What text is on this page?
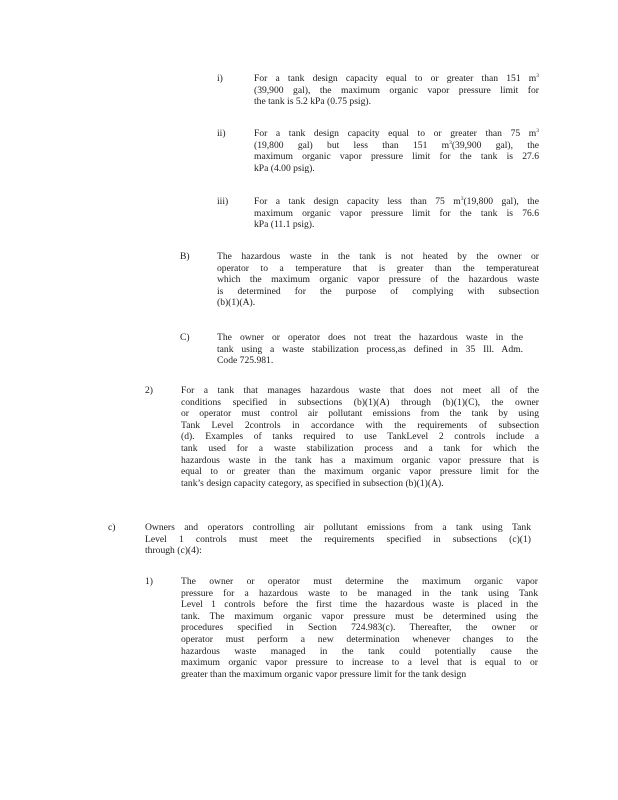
i)	For a tank design capacity equal to or greater than 151 $m^3$
(39,900 gal), the maximum organic vapor pressure limit for
the tank is 5.2 kPa (0.75 psig).
ii)	For a tank design capacity equal to or greater than 75 $m^3$
(19,800 gal) but less than 151 $m^3(39,900$ gal), the
maximum organic vapor pressure limit for the tank is 27.6
kPa (4.00 psig).
iii)	For a tank design capacity less than 75 $m^3(19,800$ gal), the
maximum organic vapor pressure limit for the tank is 76.6
kPa (11.1 psig).
B)	The hazardous waste in the tank is not heated by the owner or
operator to a temperature that is greater than the temperatureat
which the maximum organic vapor pressure of the hazardous waste
is determined for the purpose of complying with subsection
(b)(1)(A).
C)	The owner or operator does not treat the hazardous waste in the
tank using a waste stabilization process,as defined in 35 Ill. Adm.
Code 725.981.
2)	For a tank that manages hazardous waste that does not meet all of the
conditions specified in subsections (b)(1)(A) through (b)(1)(C), the owner
or operator must control air pollutant emissions from the tank by using
Tank Level 2controls in accordance with the requirements of subsection
(d). Examples of tanks required to use TankLevel 2 controls include a
tank used for a waste stabilization process and a tank for which the
hazardous waste in the tank has a maximum organic vapor pressure that is
equal to or greater than the maximum organic vapor pressure limit for the
tank’s design capacity category, as specified in subsection (b)(1)(A).
c)	Owners and operators controlling air pollutant emissions from a tank using Tank
Level 1 controls must meet the requirements specified in subsections (c)(1)
through (c)(4):
1)	The owner or operator must determine the maximum organic vapor
pressure for a hazardous waste to be managed in the tank using Tank
Level 1 controls before the first time the hazardous waste is placed in the
tank. The maximum organic vapor pressure must be determined using the
procedures specified in Section 724.983(c). Thereafter, the owner or
operator must perform a new determination whenever changes to the
hazardous waste managed in the tank could potentially cause the
maximum organic vapor pressure to increase to a level that is equal to or
greater than the maximum organic vapor pressure limit for the tank design
